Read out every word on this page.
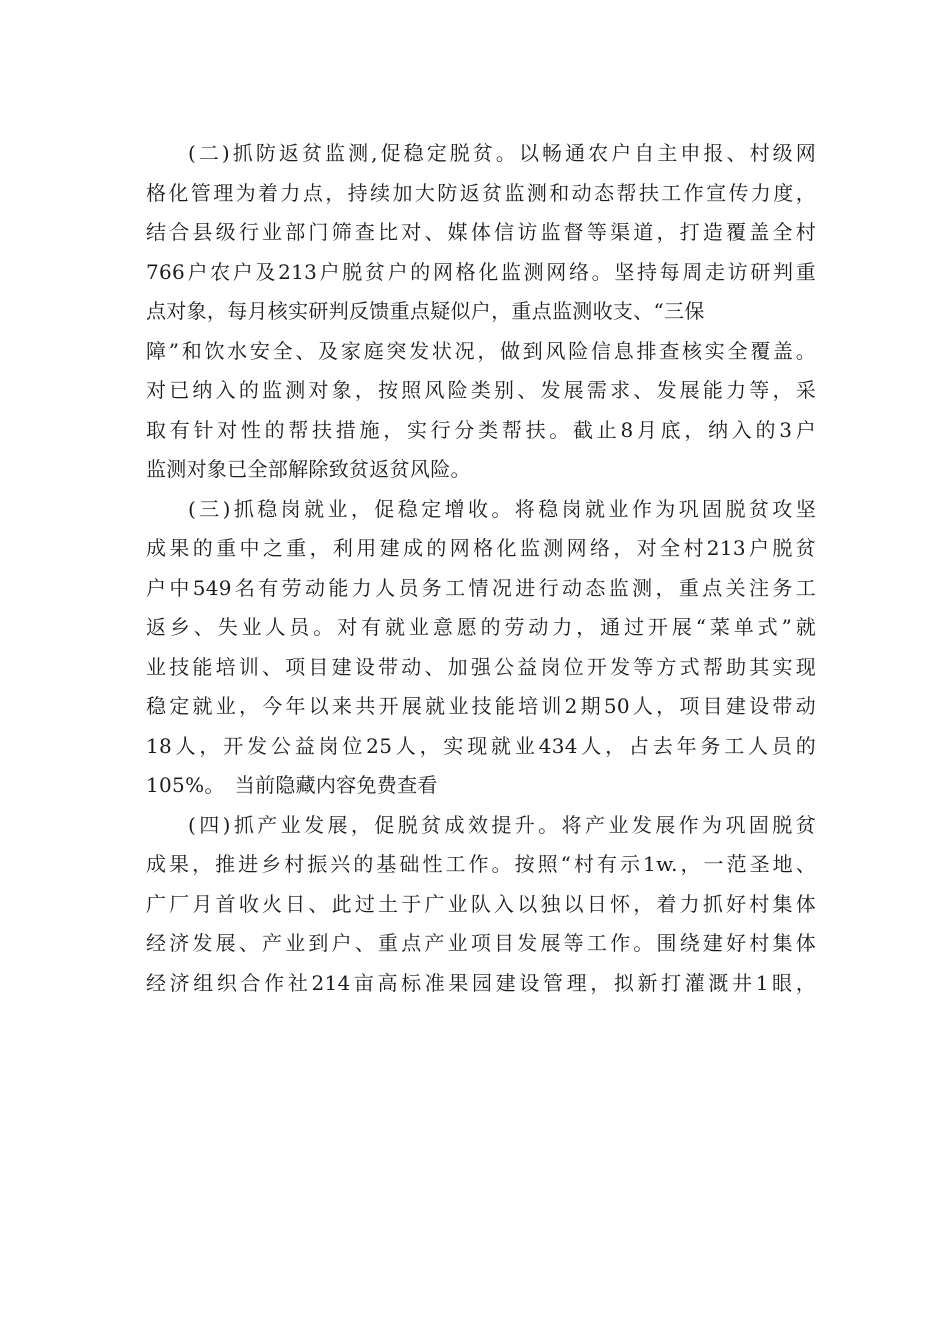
(二)抓防返贫监测,促稳定脱贫。以畅通农户自主申报、村级网
格化管理为着力点，持续加大防返贫监测和动态帮扶工作宣传力度，
结合县级行业部门筛查比对、媒体信访监督等渠道，打造覆盖全村
766户农户及213户脱贫户的网格化监测网络。坚持每周走访研判重
点对象，每月核实研判反馈重点疑似户，重点监测收支、“三保
障”和饮水安全、及家庭突发状况，做到风险信息排查核实全覆盖。
对已纳入的监测对象，按照风险类别、发展需求、发展能力等，采
取有针对性的帮扶措施，实行分类帮扶。截止8月底，纳入的3户
监测对象已全部解除致贫返贫风险。
(三)抓稳岗就业，促稳定增收。将稳岗就业作为巩固脱贫攻坚
成果的重中之重，利用建成的网格化监测网络，对全村213户脱贫
户中549名有劳动能力人员务工情况进行动态监测，重点关注务工
返乡、失业人员。对有就业意愿的劳动力，通过开展“菜单式”就
业技能培训、项目建设带动、加强公益岗位开发等方式帮助其实现
稳定就业，今年以来共开展就业技能培训2期50人，项目建设带动
18人，开发公益岗位25人，实现就业434人，占去年务工人员的
105%。 当前隐藏内容免费查看
(四)抓产业发展，促脱贫成效提升。将产业发展作为巩固脱贫
成果，推进乡村振兴的基础性工作。按照“村有示1w.，一范圣地、
广厂月首收火日、此过土于广业队入以独以日怀，着力抓好村集体
经济发展、产业到户、重点产业项目发展等工作。围绕建好村集体
经济组织合作社214亩高标准果园建设管理，拟新打灌溉井1眼，
